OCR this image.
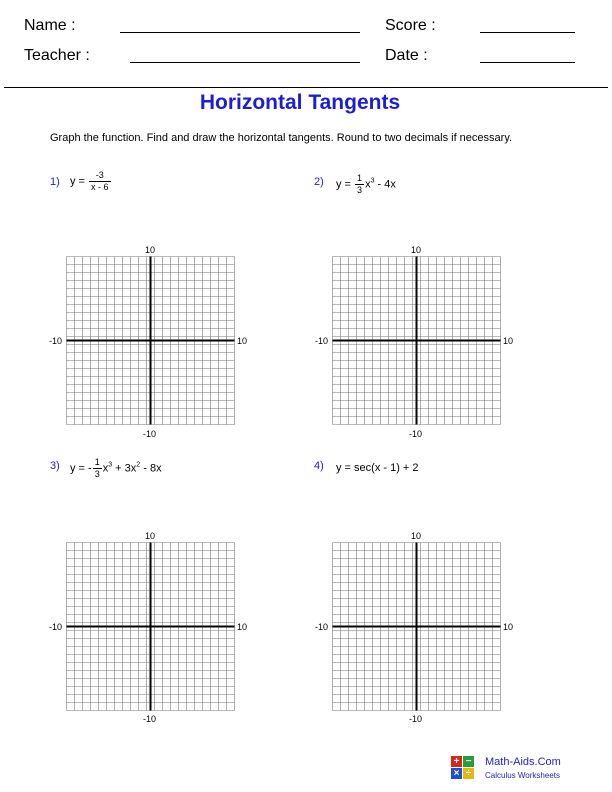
Name :	Score :
Teacher :	Date :
Horizontal Tangents
Graph the function. Find and draw the horizontal tangents. Round to two decimals if necessary.
1) $y = \frac{-3}{x - 6}$	2) $y = \frac{1}{3} x^3 - 4x$
3) y = - $\frac{1}{3} x^3 + 3x^2 - 8x$	4) y = sec(x - 1) + 2
10
-10
-10	10
10
-10
-10	10
10
-10
-10	10
10
-10
-10	10
+ −
× ÷
Math-Aids.Com
Calculus Worksheets
